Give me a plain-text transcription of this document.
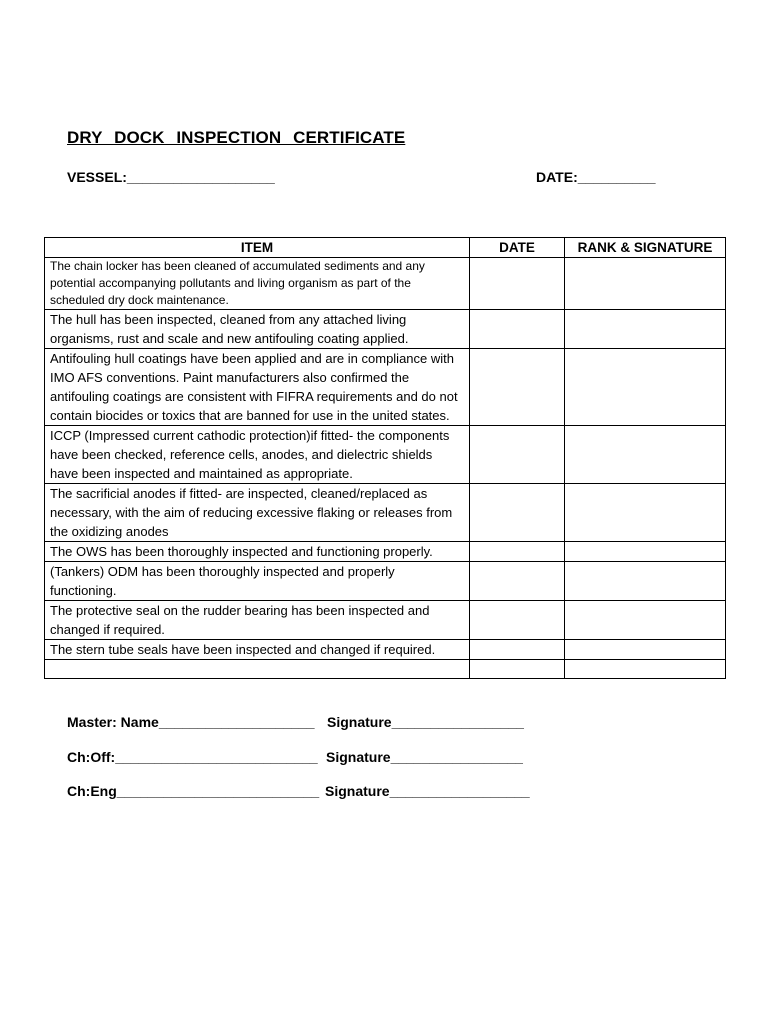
DRY DOCK INSPECTION CERTIFICATE
VESSEL:___________________	DATE:__________
ITEM	DATE	RANK & SIGNATURE
The chain locker has been cleaned of accumulated sediments and any potential accompanying pollutants and living organism as part of the scheduled dry dock maintenance.		
The hull has been inspected, cleaned from any attached living organisms, rust and scale and new antifouling coating applied.		
Antifouling hull coatings have been applied and are in compliance with IMO AFS conventions. Paint manufacturers also confirmed the antifouling coatings are consistent with FIFRA requirements and do not contain biocides or toxics that are banned for use in the united states.		
ICCP (Impressed current cathodic protection)if fitted- the components have been checked, reference cells, anodes, and dielectric shields have been inspected and maintained as appropriate.		
The sacrificial anodes if fitted- are inspected, cleaned/replaced as necessary, with the aim of reducing excessive flaking or releases from the oxidizing anodes		
The OWS has been thoroughly inspected and functioning properly.		
(Tankers) ODM has been thoroughly inspected and properly functioning.		
The protective seal on the rudder bearing has been inspected and changed if required.		
The stern tube seals have been inspected and changed if required.		

Master: Name____________________ Signature_________________
Ch:Off:__________________________ Signature_________________
Ch:Eng__________________________ Signature__________________
